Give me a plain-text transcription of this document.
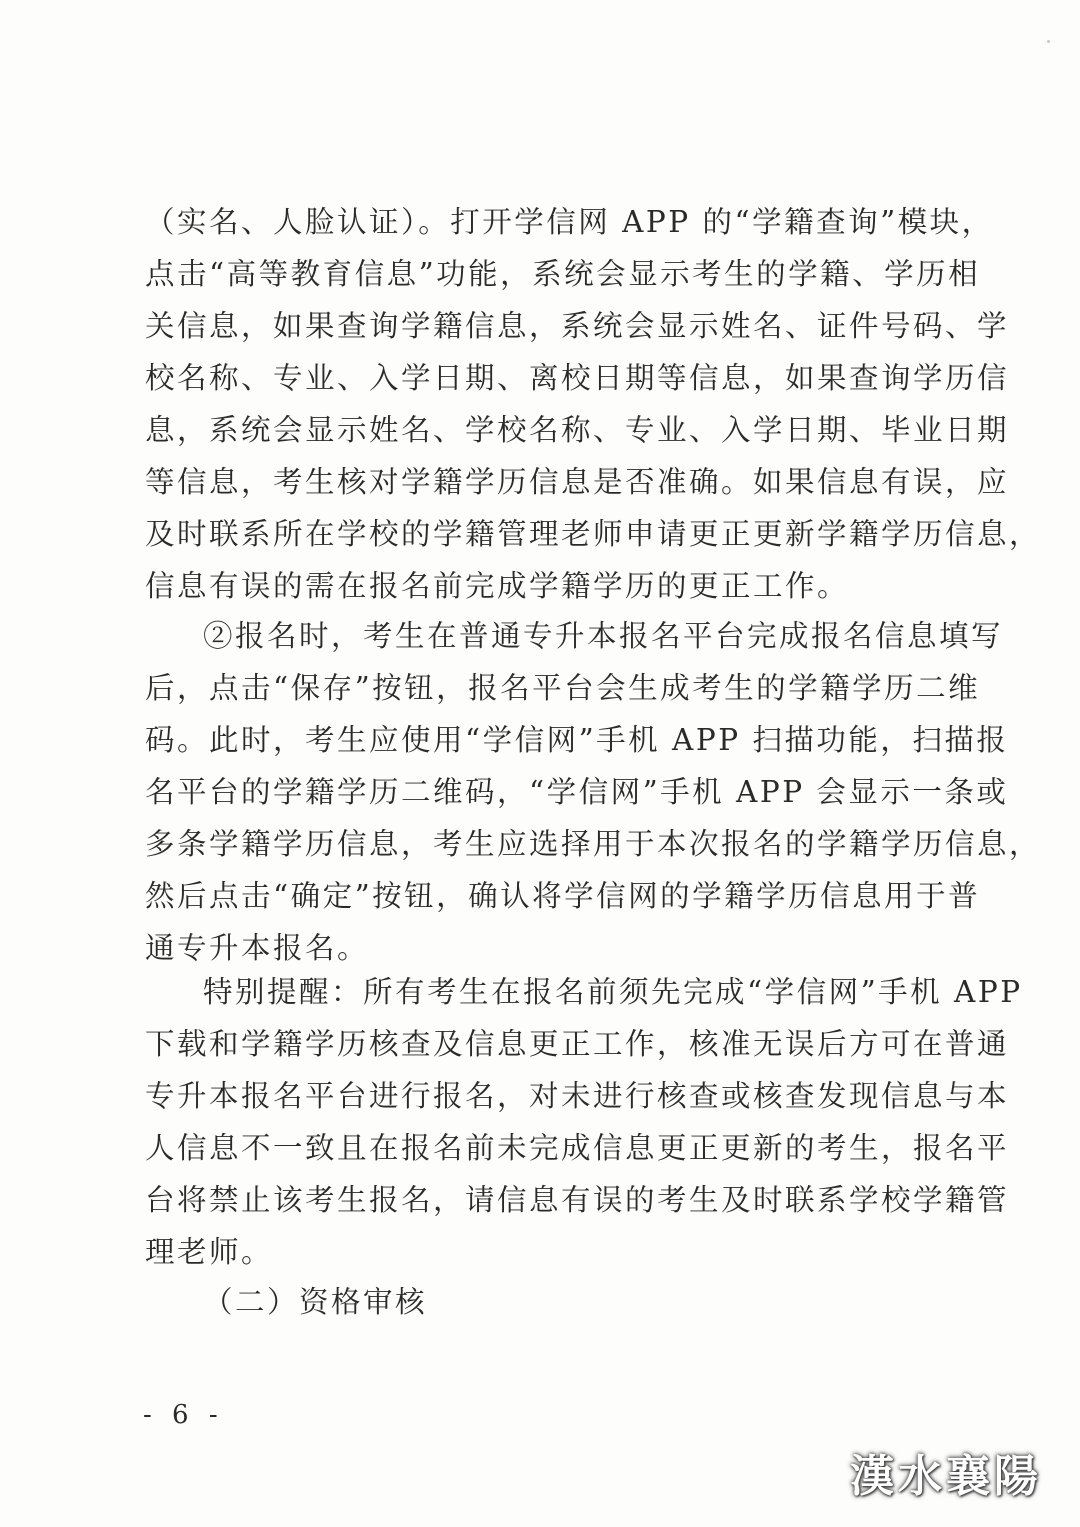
（实名、人脸认证）。打开学信网 APP 的“学籍查询”模块，
点击“高等教育信息”功能，系统会显示考生的学籍、学历相
关信息，如果查询学籍信息，系统会显示姓名、证件号码、学
校名称、专业、入学日期、离校日期等信息，如果查询学历信
息，系统会显示姓名、学校名称、专业、入学日期、毕业日期
等信息，考生核对学籍学历信息是否准确。如果信息有误，应
及时联系所在学校的学籍管理老师申请更正更新学籍学历信息，
信息有误的需在报名前完成学籍学历的更正工作。
②报名时，考生在普通专升本报名平台完成报名信息填写
后，点击“保存”按钮，报名平台会生成考生的学籍学历二维
码。此时，考生应使用“学信网”手机 APP 扫描功能，扫描报
名平台的学籍学历二维码，“学信网”手机 APP 会显示一条或
多条学籍学历信息，考生应选择用于本次报名的学籍学历信息，
然后点击“确定”按钮，确认将学信网的学籍学历信息用于普
通专升本报名。
特别提醒：所有考生在报名前须先完成“学信网”手机 APP
下载和学籍学历核查及信息更正工作，核准无误后方可在普通
专升本报名平台进行报名，对未进行核查或核查发现信息与本
人信息不一致且在报名前未完成信息更正更新的考生，报名平
台将禁止该考生报名，请信息有误的考生及时联系学校学籍管
理老师。
（二）资格审核
- 6 -
漢水襄陽
